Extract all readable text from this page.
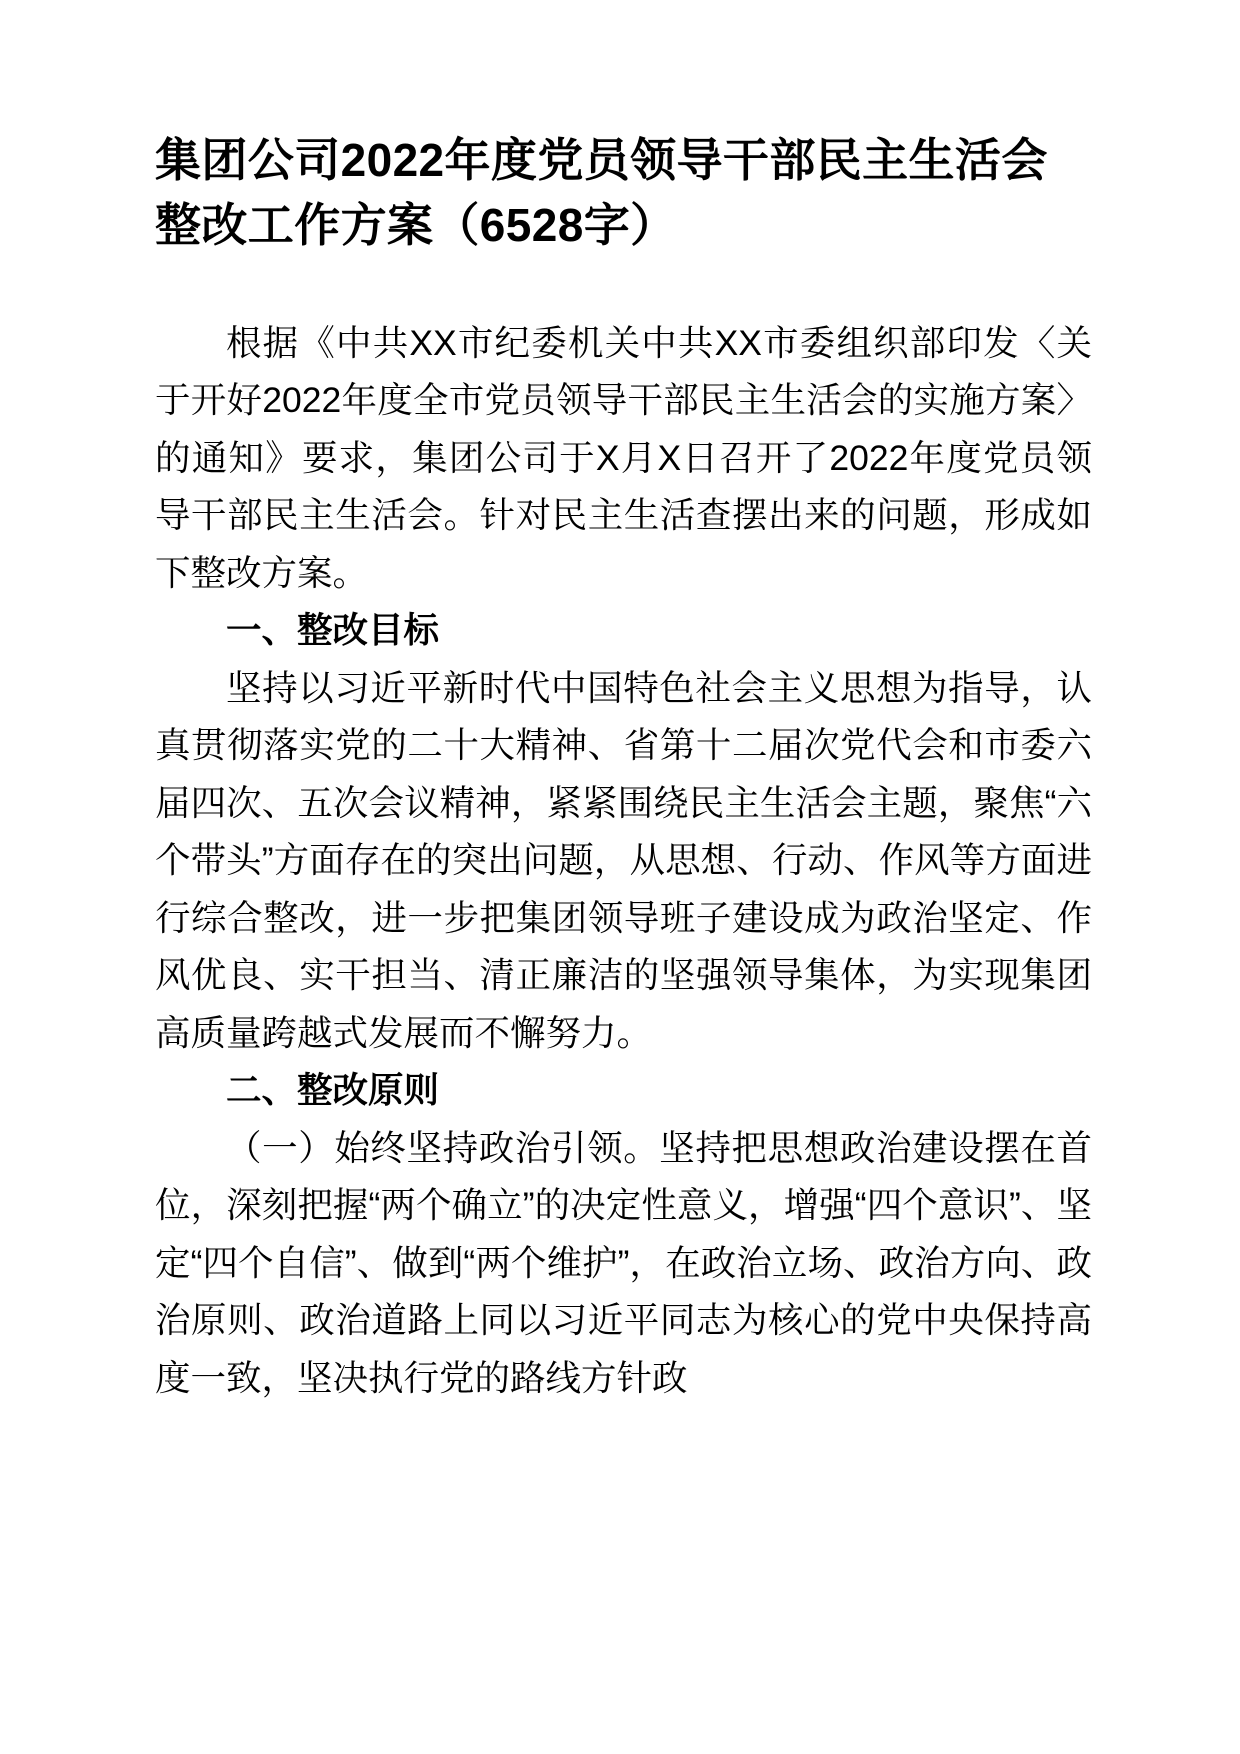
集团公司2022年度党员领导干部民主生活会整改工作方案（6528字）

根据《中共XX市纪委机关中共XX市委组织部印发〈关于开好2022年度全市党员领导干部民主生活会的实施方案〉的通知》要求，集团公司于X月X日召开了2022年度党员领导干部民主生活会。针对民主生活查摆出来的问题，形成如下整改方案。

一、整改目标

坚持以习近平新时代中国特色社会主义思想为指导，认真贯彻落实党的二十大精神、省第十二届次党代会和市委六届四次、五次会议精神，紧紧围绕民主生活会主题，聚焦“六个带头”方面存在的突出问题，从思想、行动、作风等方面进行综合整改，进一步把集团领导班子建设成为政治坚定、作风优良、实干担当、清正廉洁的坚强领导集体，为实现集团高质量跨越式发展而不懈努力。

二、整改原则

（一）始终坚持政治引领。坚持把思想政治建设摆在首位，深刻把握“两个确立”的决定性意义，增强“四个意识”、坚定“四个自信”、做到“两个维护”，在政治立场、政治方向、政治原则、政治道路上同以习近平同志为核心的党中央保持高度一致，坚决执行党的路线方针政
